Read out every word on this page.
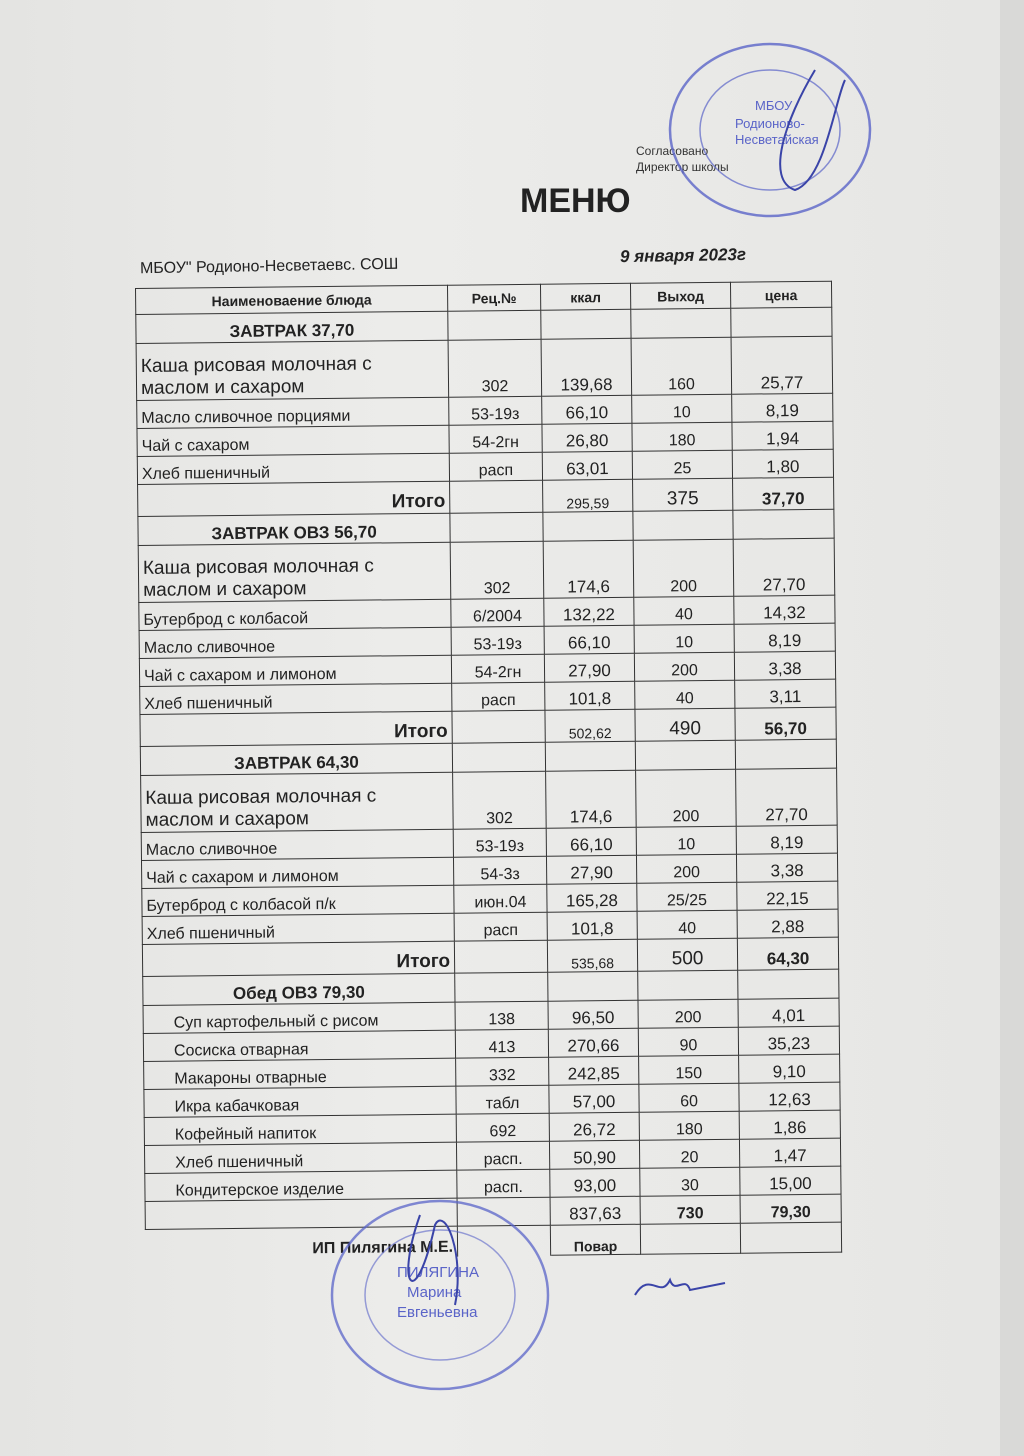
Согласовано
Директор школы
МЕНЮ
МБОУ" Родионо-Несветаевс. СОШ
9 января 2023г
Наименоваение блюда	Рец.№	ккал	Выход	цена
ЗАВТРАК 37,70				

Каша рисовая молочная с
маслом и сахаром	302	139,68	160	25,77
Масло сливочное порциями	53-19з	66,10	10	8,19
Чай с сахаром	54-2гн	26,80	180	1,94
Хлеб пшеничный	расп	63,01	25	1,80
Итого		295,59	375	37,70
ЗАВТРАК ОВЗ 56,70				

Каша рисовая молочная с
маслом и сахаром	302	174,6	200	27,70
Бутерброд с колбасой	6/2004	132,22	40	14,32
Масло сливочное	53-19з	66,10	10	8,19
Чай с сахаром и лимоном	54-2гн	27,90	200	3,38
Хлеб пшеничный	расп	101,8	40	3,11
Итого		502,62	490	56,70
ЗАВТРАК 64,30				

Каша рисовая молочная с
маслом и сахаром	302	174,6	200	27,70
Масло сливочное	53-19з	66,10	10	8,19
Чай с сахаром и лимоном	54-3з	27,90	200	3,38
Бутерброд с колбасой п/к	июн.04	165,28	25/25	22,15
Хлеб пшеничный	расп	101,8	40	2,88
Итого		535,68	500	64,30
Обед ОВЗ 79,30				
Суп картофельный с рисом	138	96,50	200	4,01
Сосиска отварная	413	270,66	90	35,23
Макароны отварные	332	242,85	150	9,10
Икра кабачковая	табл	57,00	60	12,63
Кофейный напиток	692	26,72	180	1,86
Хлеб пшеничный	расп.	50,90	20	1,47
Кондитерское изделие	расп.	93,00	30	15,00
		837,63	730	79,30
ИП Пилягина М.Е.		Повар		
МБОУ
Родионово-
Несветайская
ПИЛЯГИНА
Марина
Евгеньевна
